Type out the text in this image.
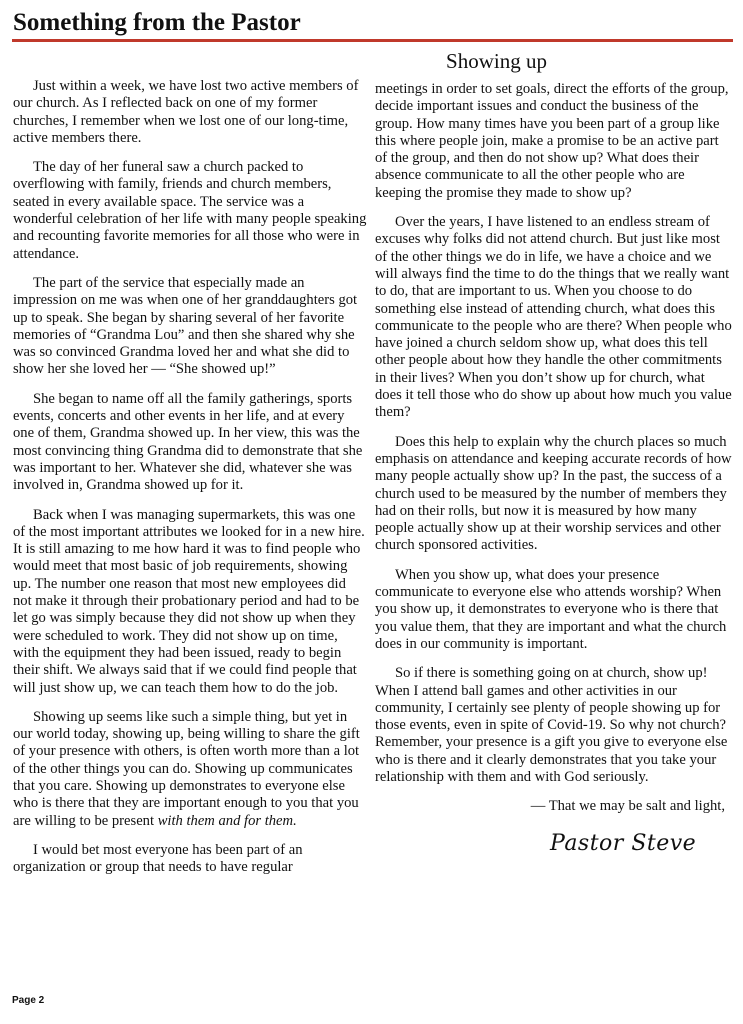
Something from the Pastor
Showing up

Just within a week, we have lost two active members of our church. As I reflected back on one of my former churches, I remember when we lost one of our long-time, active members there.

The day of her funeral saw a church packed to overflowing with family, friends and church members, seated in every available space. The service was a wonderful celebration of her life with many people speaking and recounting favorite memories for all those who were in attendance.

The part of the service that especially made an impression on me was when one of her granddaughters got up to speak. She began by sharing several of her favorite memories of “Grandma Lou” and then she shared why she was so convinced Grandma loved her and what she did to show her she loved her — “She showed up!”

She began to name off all the family gatherings, sports events, concerts and other events in her life, and at every one of them, Grandma showed up. In her view, this was the most convincing thing Grandma did to demonstrate that she was important to her. Whatever she did, whatever she was involved in, Grandma showed up for it.

Back when I was managing supermarkets, this was one of the most important attributes we looked for in a new hire. It is still amazing to me how hard it was to find people who would meet that most basic of job requirements, showing up. The number one reason that most new employees did not make it through their probationary period and had to be let go was simply because they did not show up when they were scheduled to work. They did not show up on time, with the equipment they had been issued, ready to begin their shift. We always said that if we could find people that will just show up, we can teach them how to do the job.

Showing up seems like such a simple thing, but yet in our world today, showing up, being willing to share the gift of your presence with others, is often worth more than a lot of the other things you can do. Showing up communicates that you care. Showing up demonstrates to everyone else who is there that they are important enough to you that you are willing to be present with them and for them.

I would bet most everyone has been part of an organization or group that needs to have regular

meetings in order to set goals, direct the efforts of the group, decide important issues and conduct the business of the group. How many times have you been part of a group like this where people join, make a promise to be an active part of the group, and then do not show up? What does their absence communicate to all the other people who are keeping the promise they made to show up?

Over the years, I have listened to an endless stream of excuses why folks did not attend church. But just like most of the other things we do in life, we have a choice and we will always find the time to do the things that we really want to do, that are important to us. When you choose to do something else instead of attending church, what does this communicate to the people who are there? When people who have joined a church seldom show up, what does this tell other people about how they handle the other commitments in their lives? When you don’t show up for church, what does it tell those who do show up about how much you value them?

Does this help to explain why the church places so much emphasis on attendance and keeping accurate records of how many people actually show up? In the past, the success of a church used to be measured by the number of members they had on their rolls, but now it is measured by how many people actually show up at their worship services and other church sponsored activities.

When you show up, what does your presence communicate to everyone else who attends worship? When you show up, it demonstrates to everyone who is there that you value them, that they are important and what the church does in our community is important.

So if there is something going on at church, show up! When I attend ball games and other activities in our community, I certainly see plenty of people showing up for those events, even in spite of Covid-19. So why not church? Remember, your presence is a gift you give to everyone else who is there and it clearly demonstrates that you take your relationship with them and with God seriously.

— That we may be salt and light,

Pastor Steve
Page 2
